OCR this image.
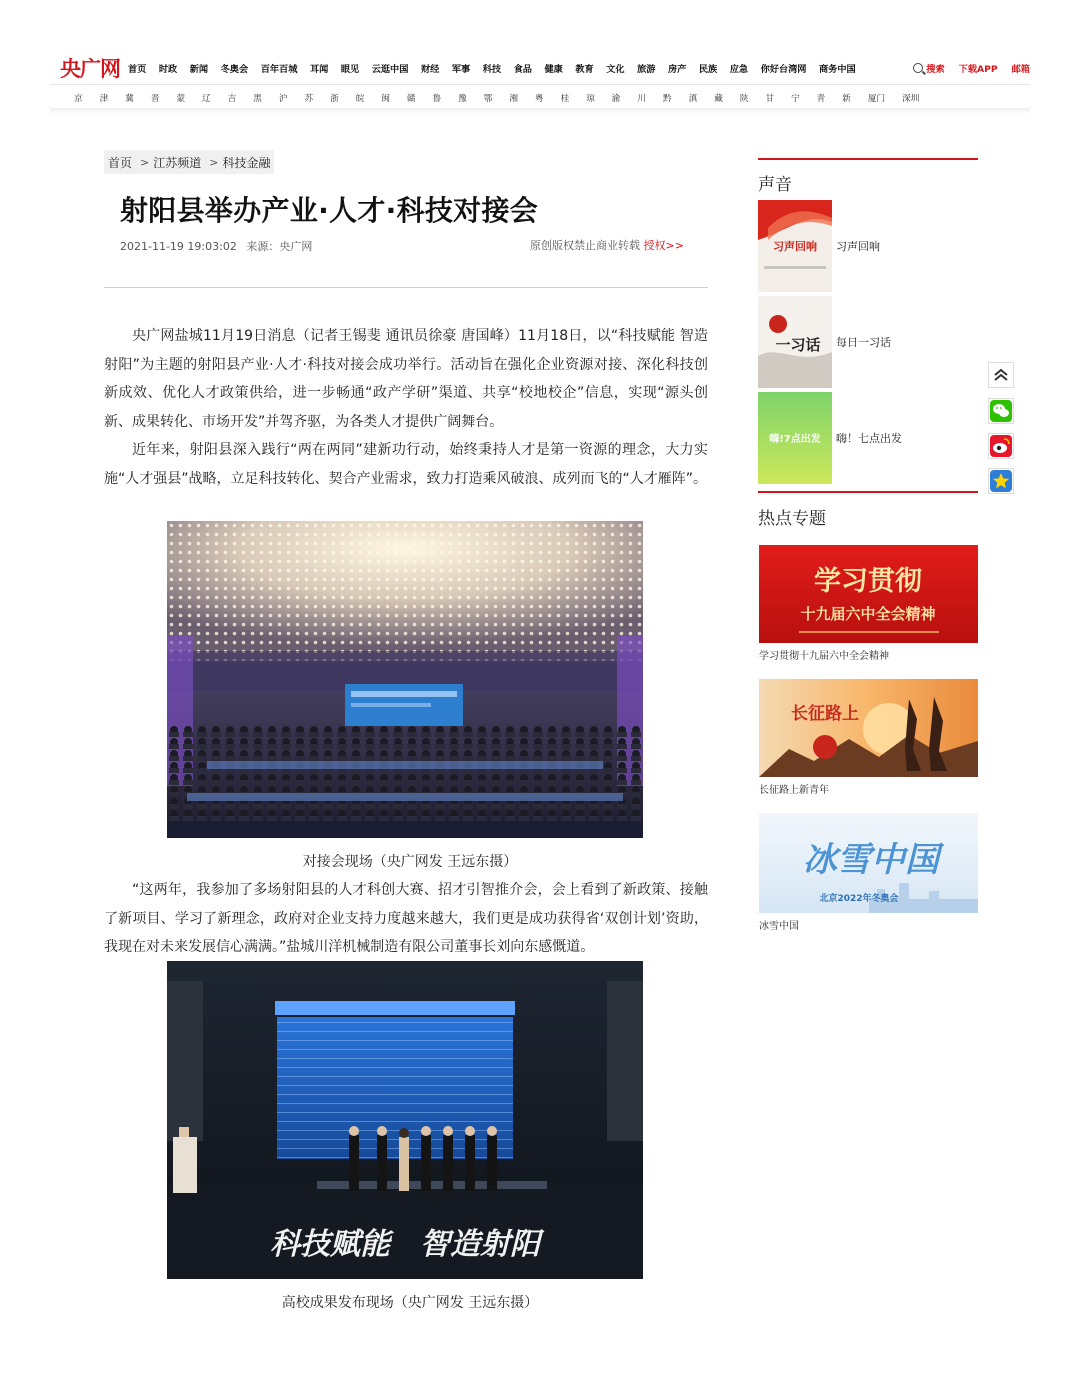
央广网 首页 时政 新闻 冬奥会 百年百城 耳闻 眼见 云逛中国 财经 军事 科技 食品 健康 教育 文化 旅游 房产 民族 应急 你好台湾网 商务中国	搜索 下载APP 邮箱
京 津 冀 晋 蒙 辽 吉 黑 沪 苏 浙 皖 闽 赣 鲁 豫 鄂 湘 粤 桂 琼 渝 川 黔 滇 藏 陕 甘 宁 青 新 厦门 深圳
首页 > 江苏频道 > 科技金融
射阳县举办产业·人才·科技对接会
2021-11-19 19:03:02 来源：央广网	原创版权禁止商业转载 授权>>

央广网盐城11月19日消息（记者王锡斐 通讯员徐豪 唐国峰）11月18日，以“科技赋能 智造射阳”为主题的射阳县产业·人才·科技对接会成功举行。活动旨在强化企业资源对接、深化科技创新成效、优化人才政策供给，进一步畅通“政产学研”渠道、共享“校地校企”信息，实现“源头创新、成果转化、市场开发”并驾齐驱，为各类人才提供广阔舞台。

近年来，射阳县深入践行“两在两同”建新功行动，始终秉持人才是第一资源的理念，大力实施“人才强县”战略，立足科技转化、契合产业需求，致力打造乘风破浪、成列而飞的“人才雁阵”。

对接会现场（央广网发 王远东摄）

“这两年，我参加了多场射阳县的人才科创大赛、招才引智推介会，会上看到了新政策、接触了新项目、学习了新理念，政府对企业支持力度越来越大，我们更是成功获得省‘双创计划’资助，我现在对未来发展信心满满。”盐城川洋机械制造有限公司董事长刘向东感慨道。

科技赋能　智造射阳
高校成果发布现场（央广网发 王远东摄）
声音
习声回响 习声回响
一习话 每日一习话
嗨!7点出发 嗨！七点出发
热点专题
学习贯彻
十九届六中全会精神
学习贯彻十九届六中全会精神
长征路上
长征路上新青年
冰雪中国
北京2022年冬奥会
冰雪中国
